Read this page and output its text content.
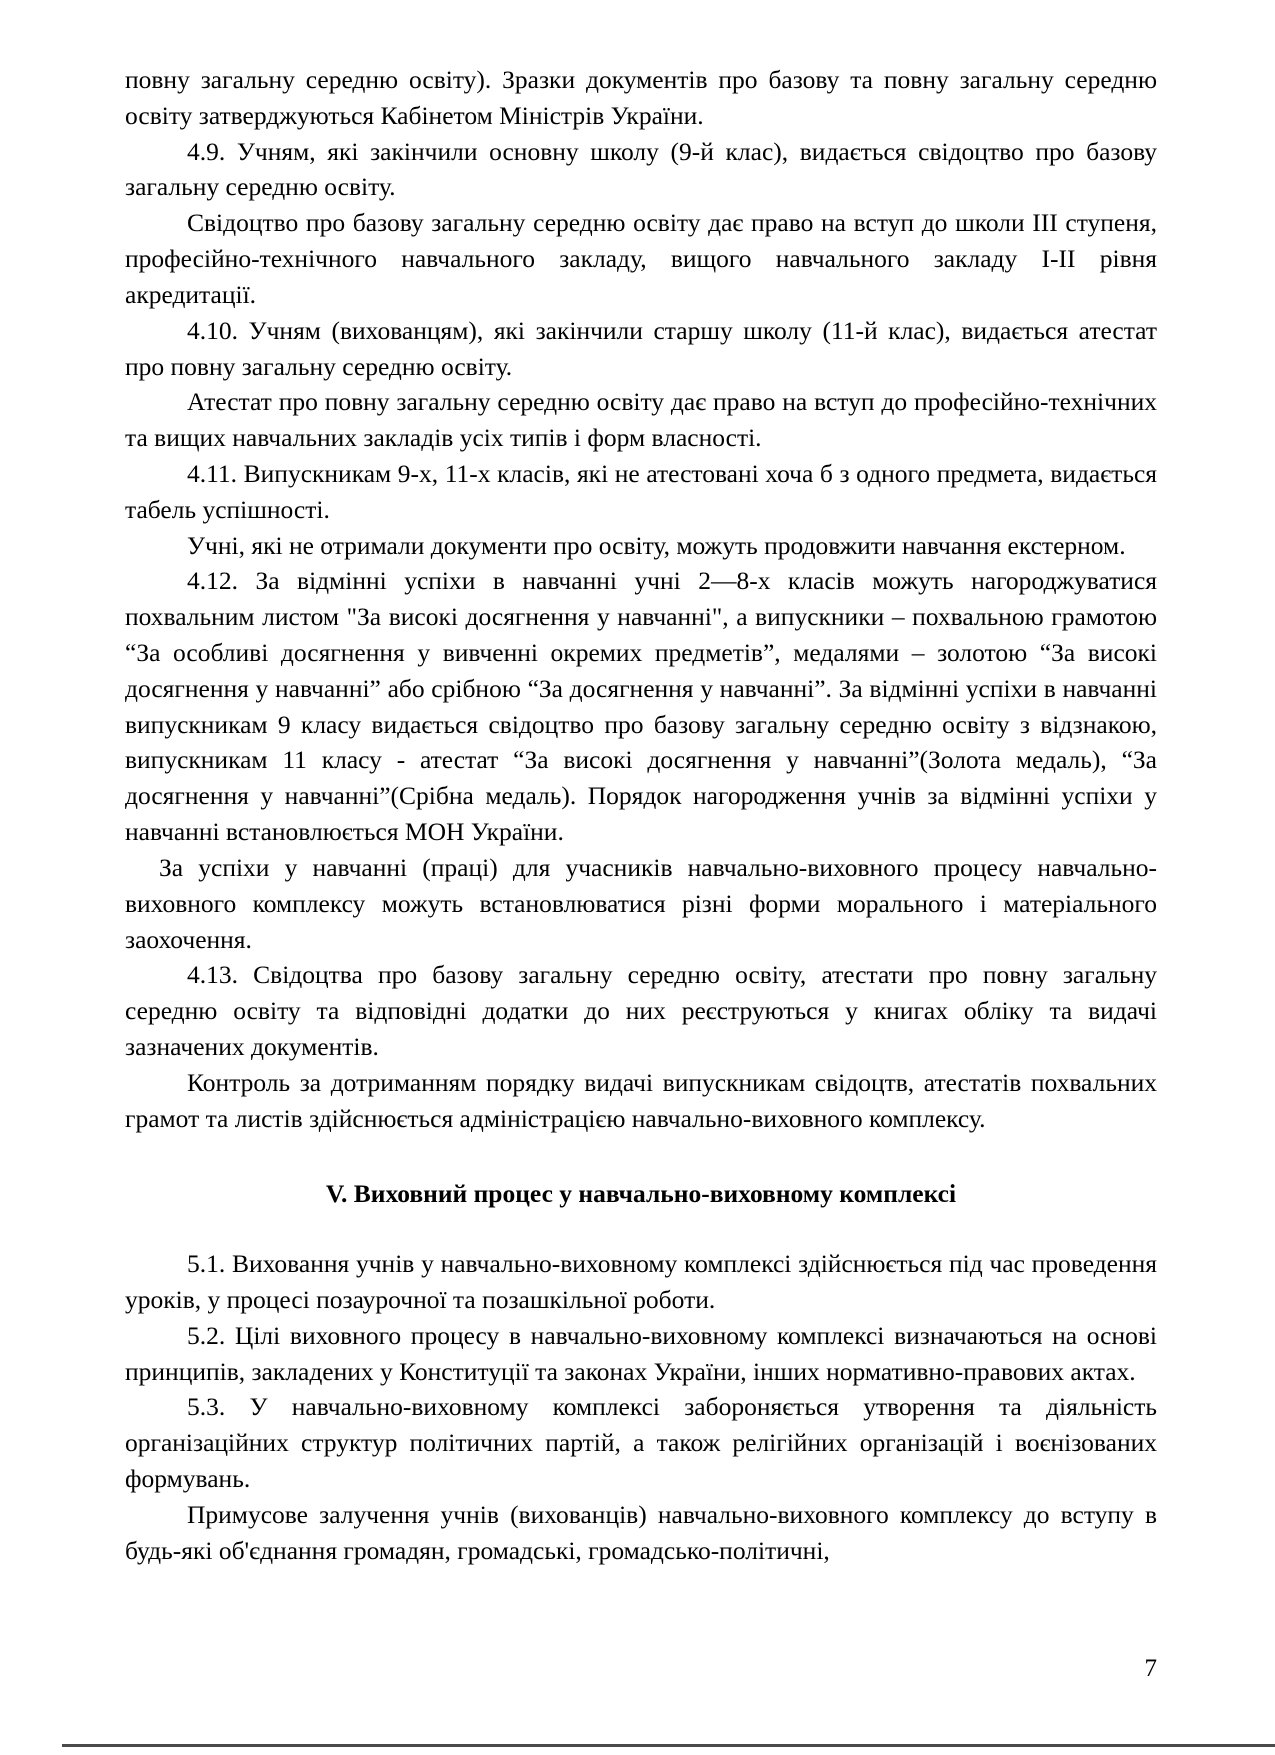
повну загальну середню освіту). Зразки документів про базову та повну загальну середню освіту затверджуються Кабінетом Міністрів України.

4.9. Учням, які закінчили основну школу (9-й клас), видається свідоцтво про базову загальну середню освіту.

Свідоцтво про базову загальну середню освіту дає право на вступ до школи III ступеня, професійно-технічного навчального закладу, вищого навчального закладу I-II рівня акредитації.

4.10. Учням (вихованцям), які закінчили старшу школу (11-й клас), видається атестат про повну загальну середню освіту.

Атестат про повну загальну середню освіту дає право на вступ до професійно-технічних та вищих навчальних закладів усіх типів і форм власності.

4.11. Випускникам 9-х, 11-х класів, які не атестовані хоча б з одного предмета, видається табель успішності.

Учні, які не отримали документи про освіту, можуть продовжити навчання екстерном.

4.12. За відмінні успіхи в навчанні учні 2—8-х класів можуть нагороджуватися похвальним листом "За високі досягнення у навчанні", а випускники – похвальною грамотою “За особливі досягнення у вивченні окремих предметів”, медалями – золотою “За високі досягнення у навчанні” або срібною “За досягнення у навчанні”. За відмінні успіхи в навчанні випускникам 9 класу видається свідоцтво про базову загальну середню освіту з відзнакою, випускникам 11 класу - атестат “За високі досягнення у навчанні”(Золота медаль), “За досягнення у навчанні”(Срібна медаль). Порядок нагородження учнів за відмінні успіхи у навчанні встановлюється МОН України.

За успіхи у навчанні (праці) для учасників навчально-виховного процесу навчально-виховного комплексу можуть встановлюватися різні форми морального і матеріального заохочення.

4.13. Свідоцтва про базову загальну середню освіту, атестати про повну загальну середню освіту та відповідні додатки до них реєструються у книгах обліку та видачі зазначених документів.

Контроль за дотриманням порядку видачі випускникам свідоцтв, атестатів похвальних грамот та листів здійснюється адміністрацією навчально-виховного комплексу.

V. Виховний процес у навчально-виховному комплексі

5.1. Виховання учнів у навчально-виховному комплексі здійснюється під час проведення уроків, у процесі позаурочної та позашкільної роботи.

5.2. Цілі виховного процесу в навчально-виховному комплексі визначаються на основі принципів, закладених у Конституції та законах України, інших нормативно-правових актах.

5.3. У навчально-виховному комплексі забороняється утворення та діяльність організаційних структур політичних партій, а також релігійних організацій і воєнізованих формувань.

Примусове залучення учнів (вихованців) навчально-виховного комплексу до вступу в будь-які об'єднання громадян, громадські, громадсько-політичні,

7
